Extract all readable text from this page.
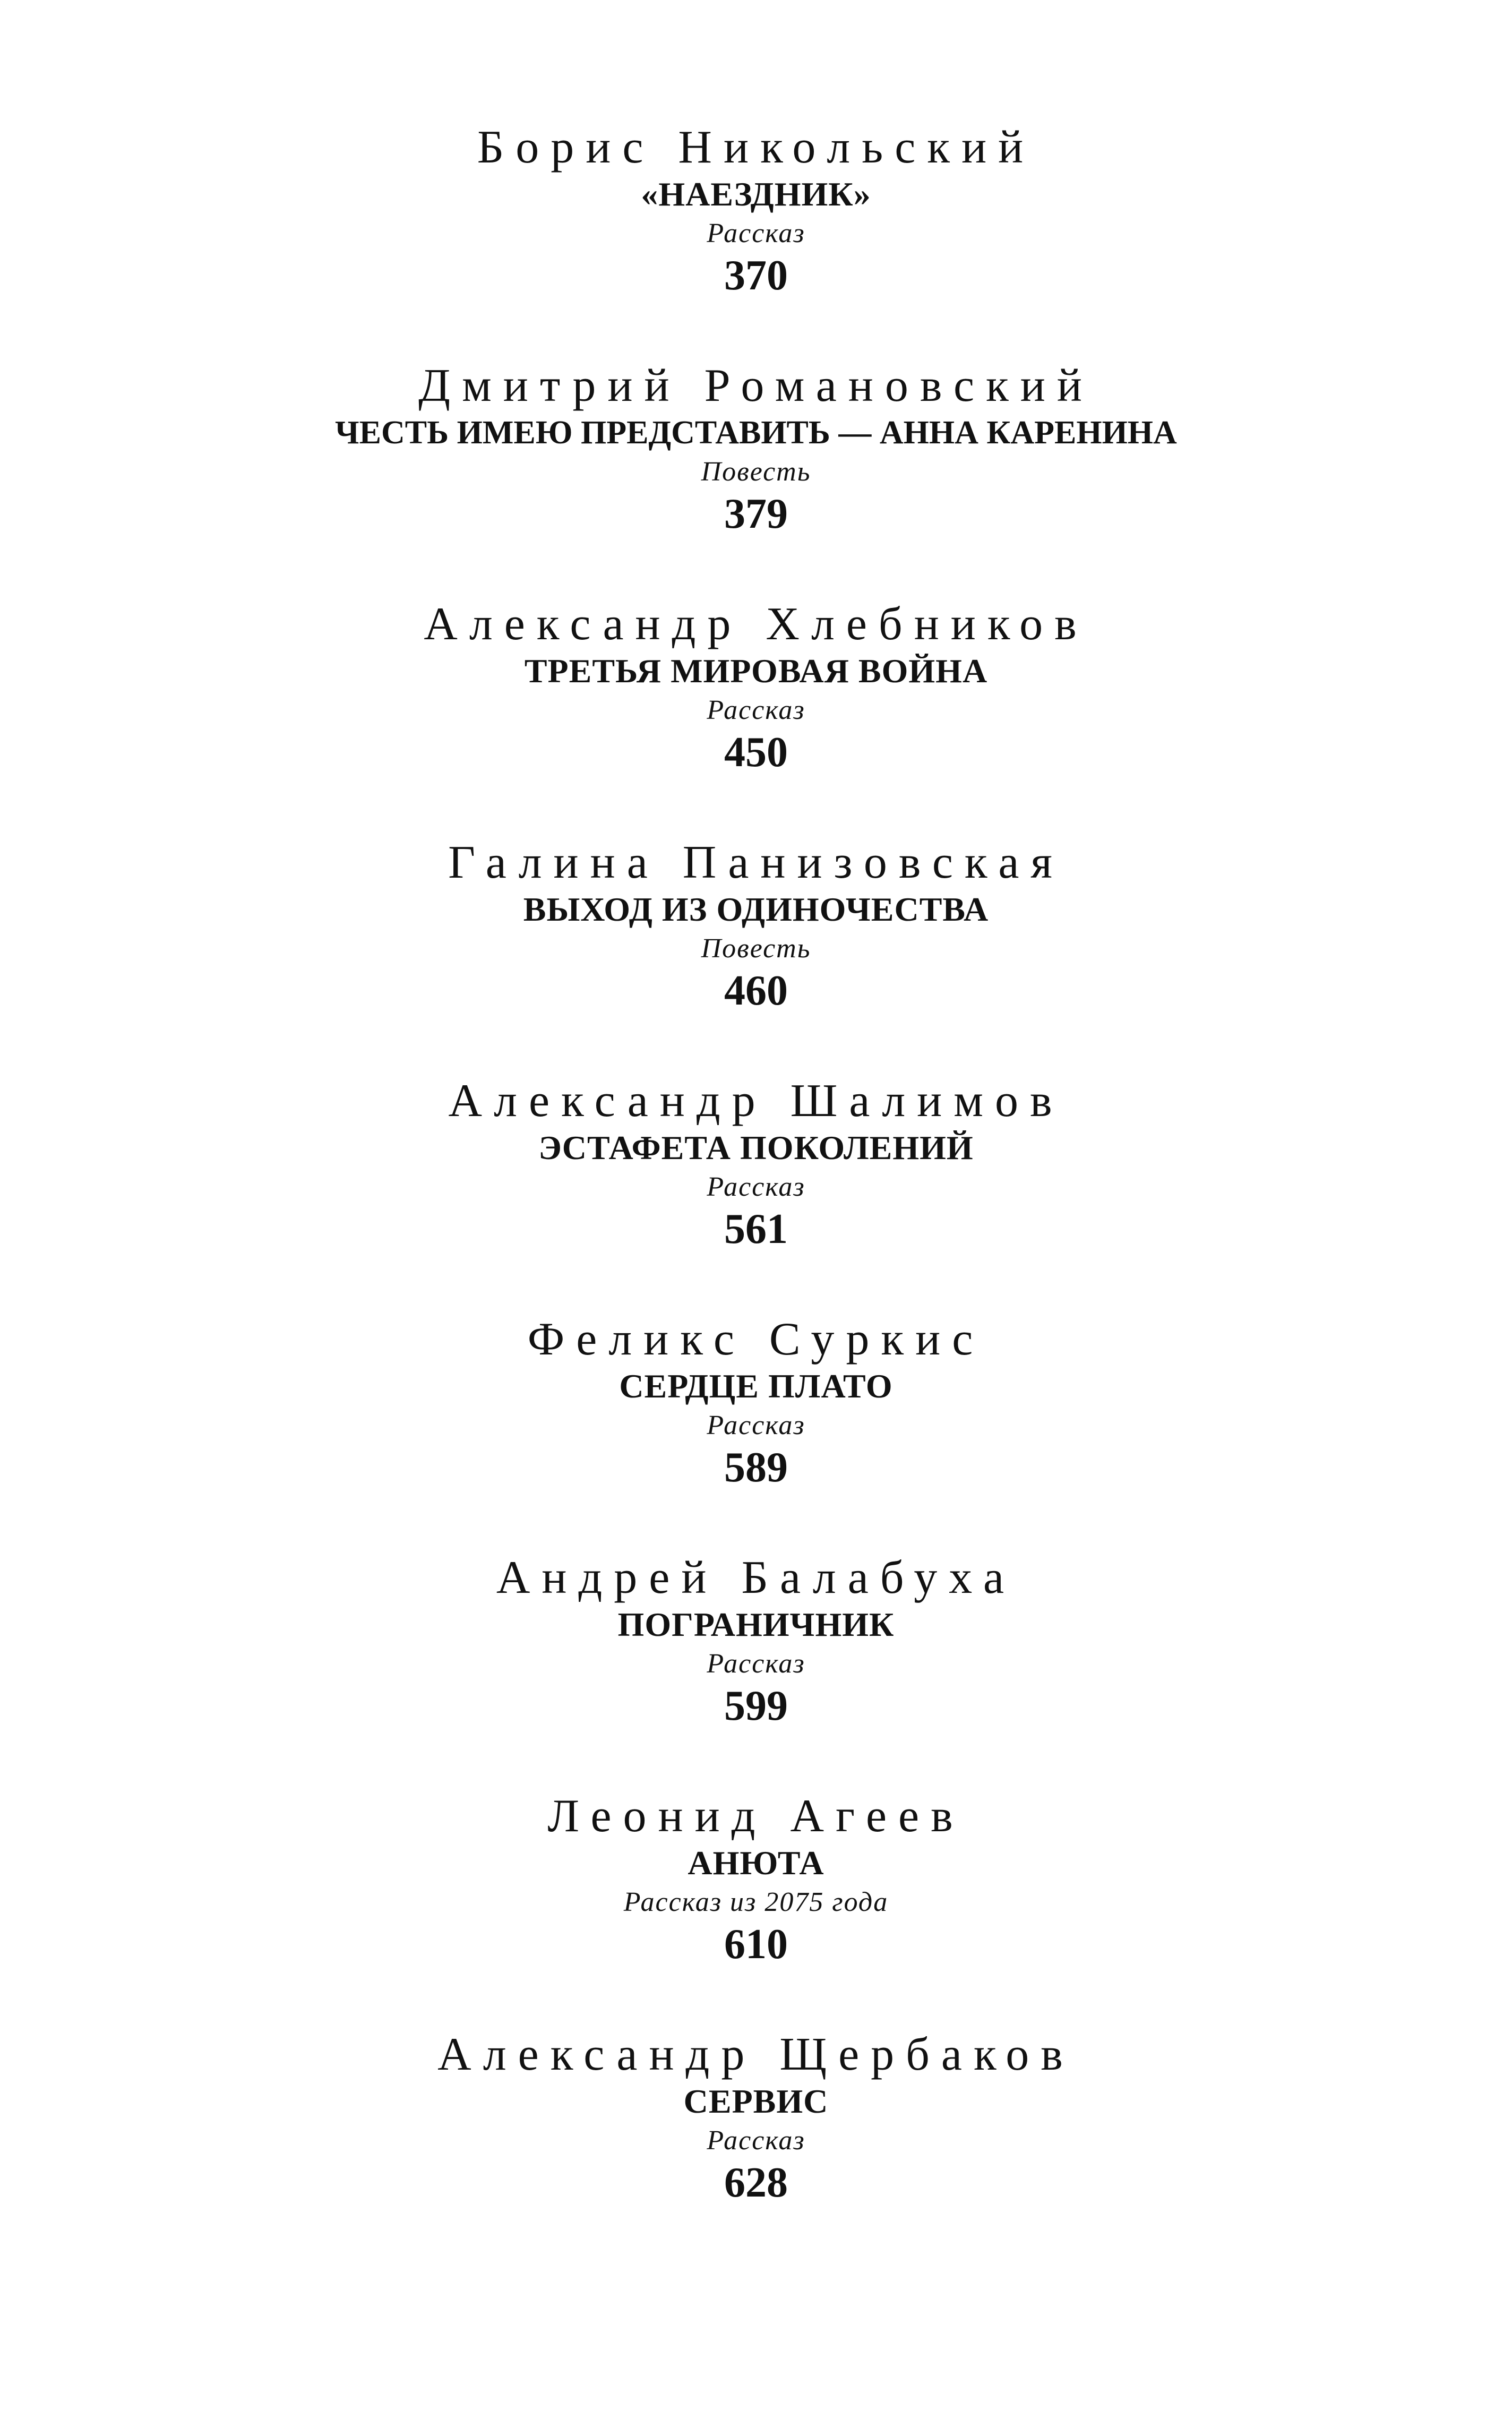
Борис Никольский
«НАЕЗДНИК»
Рассказ
370
Дмитрий Романовский
ЧЕСТЬ ИМЕЮ ПРЕДСТАВИТЬ — АННА КАРЕНИНА
Повесть
379
Александр Хлебников
ТРЕТЬЯ МИРОВАЯ ВОЙНА
Рассказ
450
Галина Панизовская
ВЫХОД ИЗ ОДИНОЧЕСТВА
Повесть
460
Александр Шалимов
ЭСТАФЕТА ПОКОЛЕНИЙ
Рассказ
561
Феликс Суркис
СЕРДЦЕ ПЛАТО
Рассказ
589
Андрей Балабуха
ПОГРАНИЧНИК
Рассказ
599
Леонид Агеев
АНЮТА
Рассказ из 2075 года
610
Александр Щербаков
СЕРВИС
Рассказ
628
